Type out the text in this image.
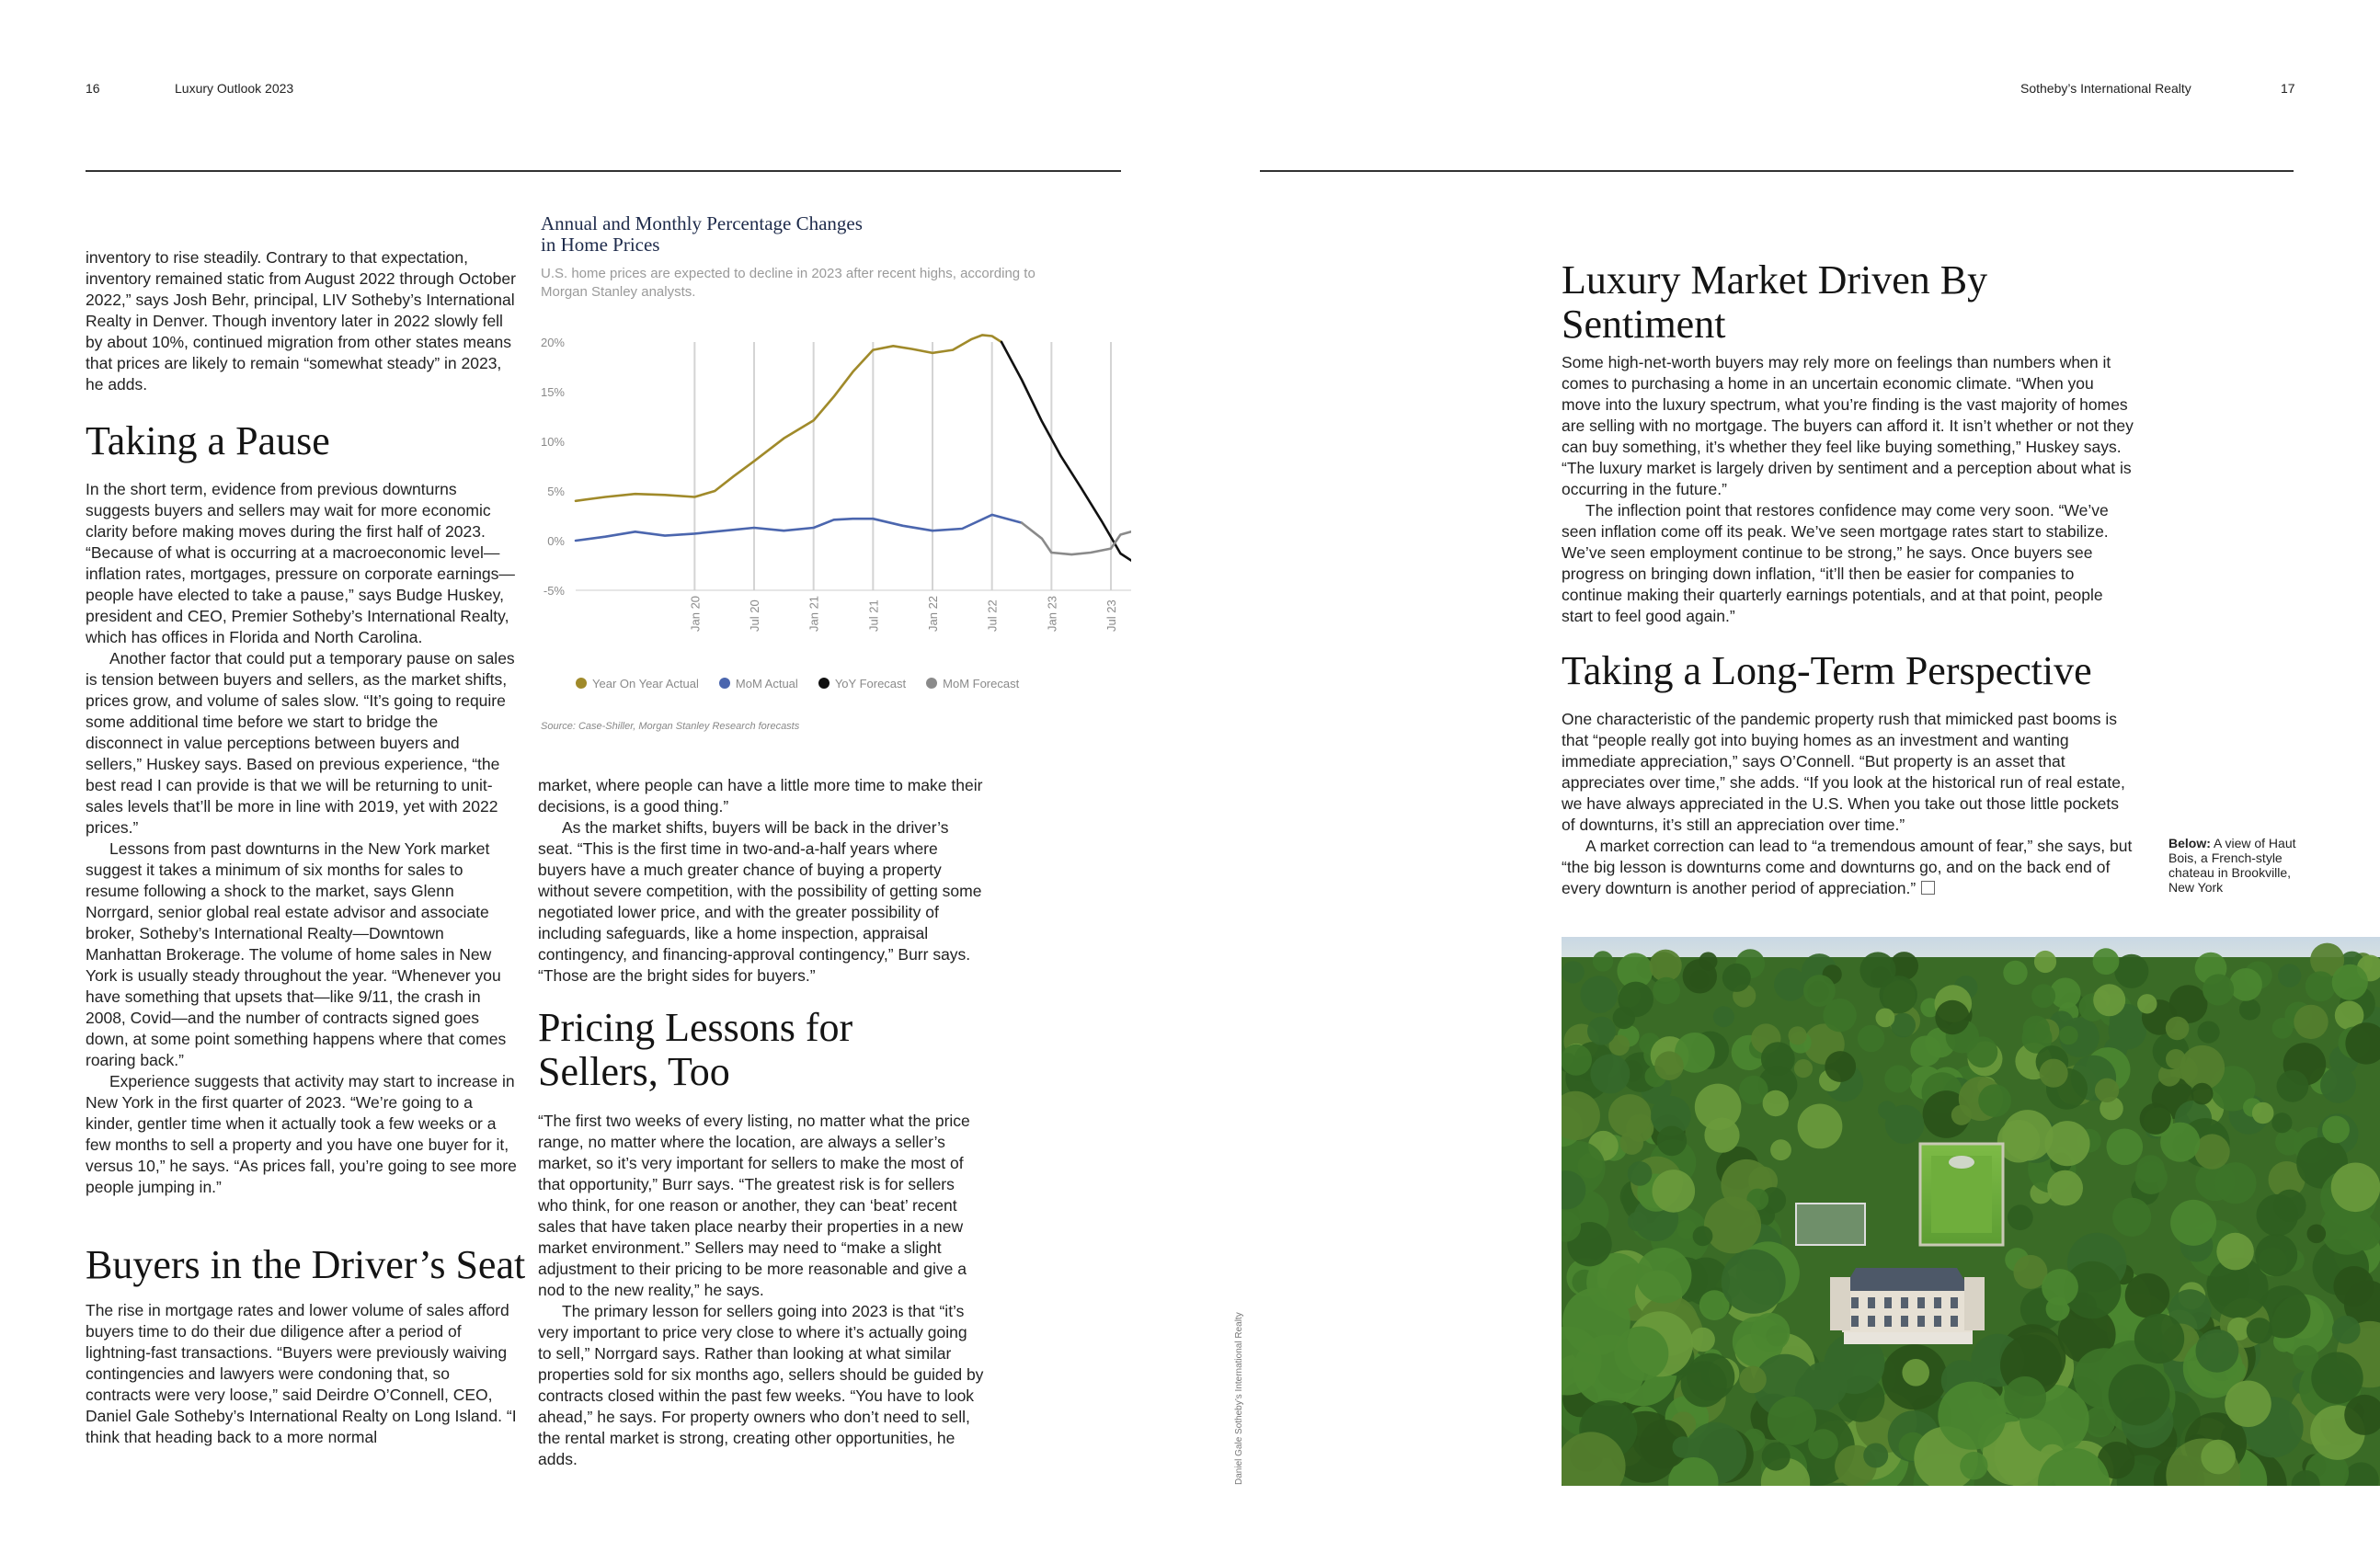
16	Luxury Outlook 2023	Sotheby’s International Realty	17

inventory to rise steadily. Contrary to that expectation, inventory remained static from August 2022 through October 2022,” says Josh Behr, principal, LIV Sotheby’s International Realty in Denver. Though inventory later in 2022 slowly fell by about 10%, continued migration from other states means that prices are likely to remain “somewhat steady” in 2023, he adds.

Taking a Pause

In the short term, evidence from previous downturns suggests buyers and sellers may wait for more economic clarity before making moves during the first half of 2023. “Because of what is occurring at a macroeconomic level—inflation rates, mortgages, pressure on corporate earnings—people have elected to take a pause,” says Budge Huskey, president and CEO, Premier Sotheby’s International Realty, which has offices in Florida and North Carolina.

Another factor that could put a temporary pause on sales is tension between buyers and sellers, as the market shifts, prices grow, and volume of sales slow. “It’s going to require some additional time before we start to bridge the disconnect in value perceptions between buyers and sellers,” Huskey says. Based on previous experience, “the best read I can provide is that we will be returning to unit-sales levels that’ll be more in line with 2019, yet with 2022 prices.”

Lessons from past downturns in the New York market suggest it takes a minimum of six months for sales to resume following a shock to the market, says Glenn Norrgard, senior global real estate advisor and associate broker, Sotheby’s International Realty—Downtown Manhattan Brokerage. The volume of home sales in New York is usually steady throughout the year. “Whenever you have something that upsets that—like 9/11, the crash in 2008, Covid—and the number of contracts signed goes down, at some point something happens where that comes roaring back.”

Experience suggests that activity may start to increase in New York in the first quarter of 2023. “We’re going to a kinder, gentler time when it actually took a few weeks or a few months to sell a property and you have one buyer for it, versus 10,” he says. “As prices fall, you’re going to see more people jumping in.”

Buyers in the Driver’s Seat

The rise in mortgage rates and lower volume of sales afford buyers time to do their due diligence after a period of lightning-fast transactions. “Buyers were previously waiving contingencies and lawyers were condoning that, so contracts were very loose,” said Deirdre O’Connell, CEO, Daniel Gale Sotheby’s International Realty on Long Island. “I think that heading back to a more normal

Annual and Monthly Percentage Changes in Home Prices
U.S. home prices are expected to decline in 2023 after recent highs, according to Morgan Stanley analysts.
Jan 20	Jul 20	Jan 21	Jul 21	Jan 22	Jul 22	Jan 23	Jul 23
20%
15%
10%
5%
0%
-5%
Year On Year Actual	MoM Actual	YoY Forecast	MoM Forecast
Source: Case-Shiller, Morgan Stanley Research forecasts

market, where people can have a little more time to make their decisions, is a good thing.”

As the market shifts, buyers will be back in the driver’s seat. “This is the first time in two-and-a-half years where buyers have a much greater chance of buying a property without severe competition, with the possibility of getting some negotiated lower price, and with the greater possibility of including safeguards, like a home inspection, appraisal contingency, and financing-approval contingency,” Burr says. “Those are the bright sides for buyers.”

Pricing Lessons for Sellers, Too

“The first two weeks of every listing, no matter what the price range, no matter where the location, are always a seller’s market, so it’s very important for sellers to make the most of that opportunity,” Burr says. “The greatest risk is for sellers who think, for one reason or another, they can ‘beat’ recent sales that have taken place nearby their properties in a new market environment.” Sellers may need to “make a slight adjustment to their pricing to be more reasonable and give a nod to the new reality,” he says.

The primary lesson for sellers going into 2023 is that “it’s very important to price very close to where it’s actually going to sell,” Norrgard says. Rather than looking at what similar properties sold for six months ago, sellers should be guided by contracts closed within the past few weeks. “You have to look ahead,” he says. For property owners who don’t need to sell, the rental market is strong, creating other opportunities, he adds.	Daniel Gale Sotheby’s International Realty
Luxury Market Driven By Sentiment

Some high-net-worth buyers may rely more on feelings than numbers when it comes to purchasing a home in an uncertain economic climate. “When you move into the luxury spectrum, what you’re finding is the vast majority of homes are selling with no mortgage. The buyers can afford it. It isn’t whether or not they can buy something, it’s whether they feel like buying something,” Huskey says. “The luxury market is largely driven by sentiment and a perception about what is occurring in the future.”

The inflection point that restores confidence may come very soon. “We’ve seen inflation come off its peak. We’ve seen mortgage rates start to stabilize. We’ve seen employment continue to be strong,” he says. Once buyers see progress on bringing down inflation, “it’ll then be easier for companies to continue making their quarterly earnings potentials, and at that point, people start to feel good again.”

Taking a Long-Term Perspective

One characteristic of the pandemic property rush that mimicked past booms is that “people really got into buying homes as an investment and wanting immediate appreciation,” says O’Connell. “But property is an asset that appreciates over time,” she adds. “If you look at the historical run of real estate, we have always appreciated in the U.S. When you take out those little pockets of downturns, it’s still an appreciation over time.”

A market correction can lead to “a tremendous amount of fear,” she says, but “the big lesson is downturns come and downturns go, and on the back end of every downturn is another period of appreciation.”

Below: A view of Haut Bois, a French-style chateau in Brookville, New York
